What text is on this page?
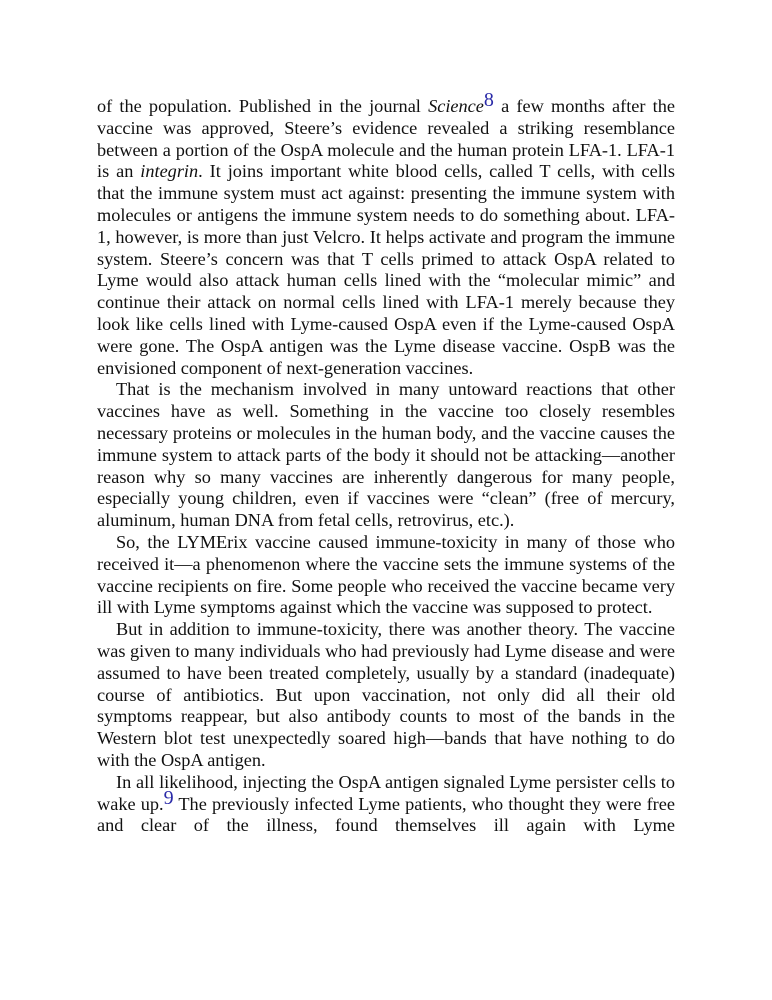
of the population. Published in the journal Science8 a few months after the vaccine was approved, Steere’s evidence revealed a striking resemblance between a portion of the OspA molecule and the human protein LFA-1. LFA-1 is an integrin. It joins important white blood cells, called T cells, with cells that the immune system must act against: presenting the immune system with molecules or antigens the immune system needs to do something about. LFA-1, however, is more than just Velcro. It helps activate and program the immune system. Steere’s concern was that T cells primed to attack OspA related to Lyme would also attack human cells lined with the “molecular mimic” and continue their attack on normal cells lined with LFA-1 merely because they look like cells lined with Lyme-caused OspA even if the Lyme-caused OspA were gone. The OspA antigen was the Lyme disease vaccine. OspB was the envisioned component of next-generation vaccines.

That is the mechanism involved in many untoward reactions that other vaccines have as well. Something in the vaccine too closely resembles necessary proteins or molecules in the human body, and the vaccine causes the immune system to attack parts of the body it should not be attacking—another reason why so many vaccines are inherently dangerous for many people, especially young children, even if vaccines were “clean” (free of mercury, aluminum, human DNA from fetal cells, retrovirus, etc.).

So, the LYMErix vaccine caused immune-toxicity in many of those who received it—a phenomenon where the vaccine sets the immune systems of the vaccine recipients on fire. Some people who received the vaccine became very ill with Lyme symptoms against which the vaccine was supposed to protect.

But in addition to immune-toxicity, there was another theory. The vaccine was given to many individuals who had previously had Lyme disease and were assumed to have been treated completely, usually by a standard (inadequate) course of antibiotics. But upon vaccination, not only did all their old symptoms reappear, but also antibody counts to most of the bands in the Western blot test unexpectedly soared high—bands that have nothing to do with the OspA antigen.

In all likelihood, injecting the OspA antigen signaled Lyme persister cells to wake up.9 The previously infected Lyme patients, who thought they were free and clear of the illness, found themselves ill again with Lyme
